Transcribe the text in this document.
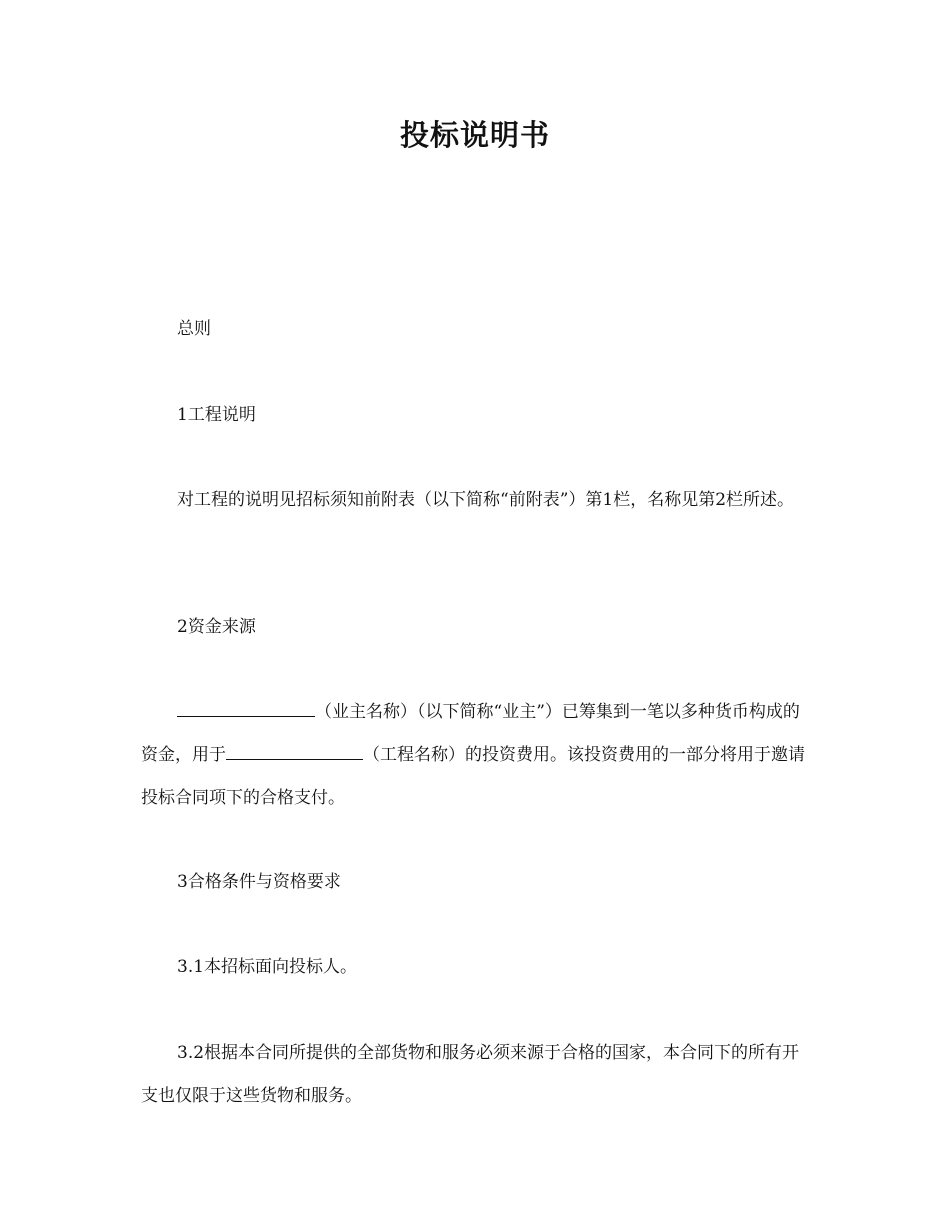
投标说明书

总则

1工程说明

对工程的说明见招标须知前附表（以下简称“前附表”）第1栏，名称见第2栏所述。

2资金来源

（业主名称）（以下简称“业主”）已筹集到一笔以多种货币构成的资金，用于	（工程名称）的投资费用。该投资费用的一部分将用于邀请投标合同项下的合格支付。

3合格条件与资格要求

3.1本招标面向投标人。

3.2根据本合同所提供的全部货物和服务必须来源于合格的国家，本合同下的所有开支也仅限于这些货物和服务。
